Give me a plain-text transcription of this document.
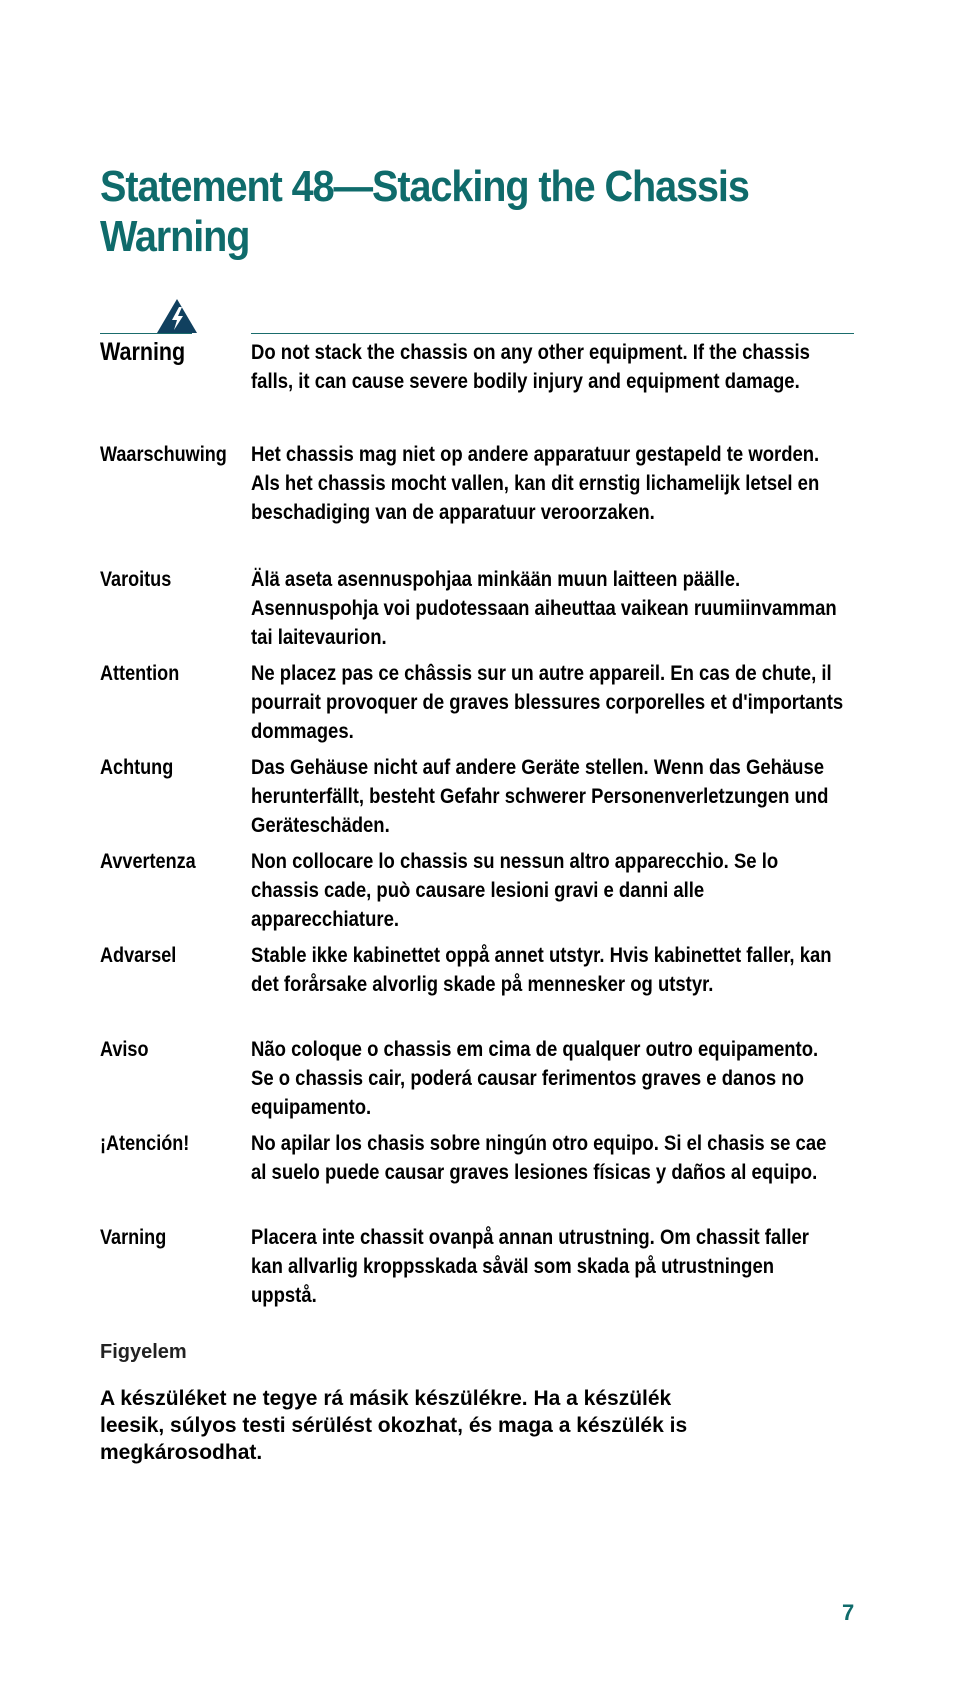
Statement 48—Stacking the Chassis Warning
Warning	Do not stack the chassis on any other equipment. If the chassis falls, it can cause severe bodily injury and equipment damage.
Waarschuwing	Het chassis mag niet op andere apparatuur gestapeld te worden. Als het chassis mocht vallen, kan dit ernstig lichamelijk letsel en beschadiging van de apparatuur veroorzaken.
Varoitus	Älä aseta asennuspohjaa minkään muun laitteen päälle. Asennuspohja voi pudotessaan aiheuttaa vaikean ruumiinvamman tai laitevaurion.
Attention	Ne placez pas ce châssis sur un autre appareil. En cas de chute, il pourrait provoquer de graves blessures corporelles et d'importants dommages.
Achtung	Das Gehäuse nicht auf andere Geräte stellen. Wenn das Gehäuse herunterfällt, besteht Gefahr schwerer Personenverletzungen und Geräteschäden.
Avvertenza	Non collocare lo chassis su nessun altro apparecchio. Se lo chassis cade, può causare lesioni gravi e danni alle apparecchiature.
Advarsel	Stable ikke kabinettet oppå annet utstyr. Hvis kabinettet faller, kan det forårsake alvorlig skade på mennesker og utstyr.
Aviso	Não coloque o chassis em cima de qualquer outro equipamento. Se o chassis cair, poderá causar ferimentos graves e danos no equipamento.
¡Atención!	No apilar los chasis sobre ningún otro equipo. Si el chasis se cae al suelo puede causar graves lesiones físicas y daños al equipo.
Varning	Placera inte chassit ovanpå annan utrustning. Om chassit faller kan allvarlig kroppsskada såväl som skada på utrustningen uppstå.
Figyelem
A készüléket ne tegye rá másik készülékre. Ha a készülék leesik, súlyos testi sérülést okozhat, és maga a készülék is megkárosodhat.
7
